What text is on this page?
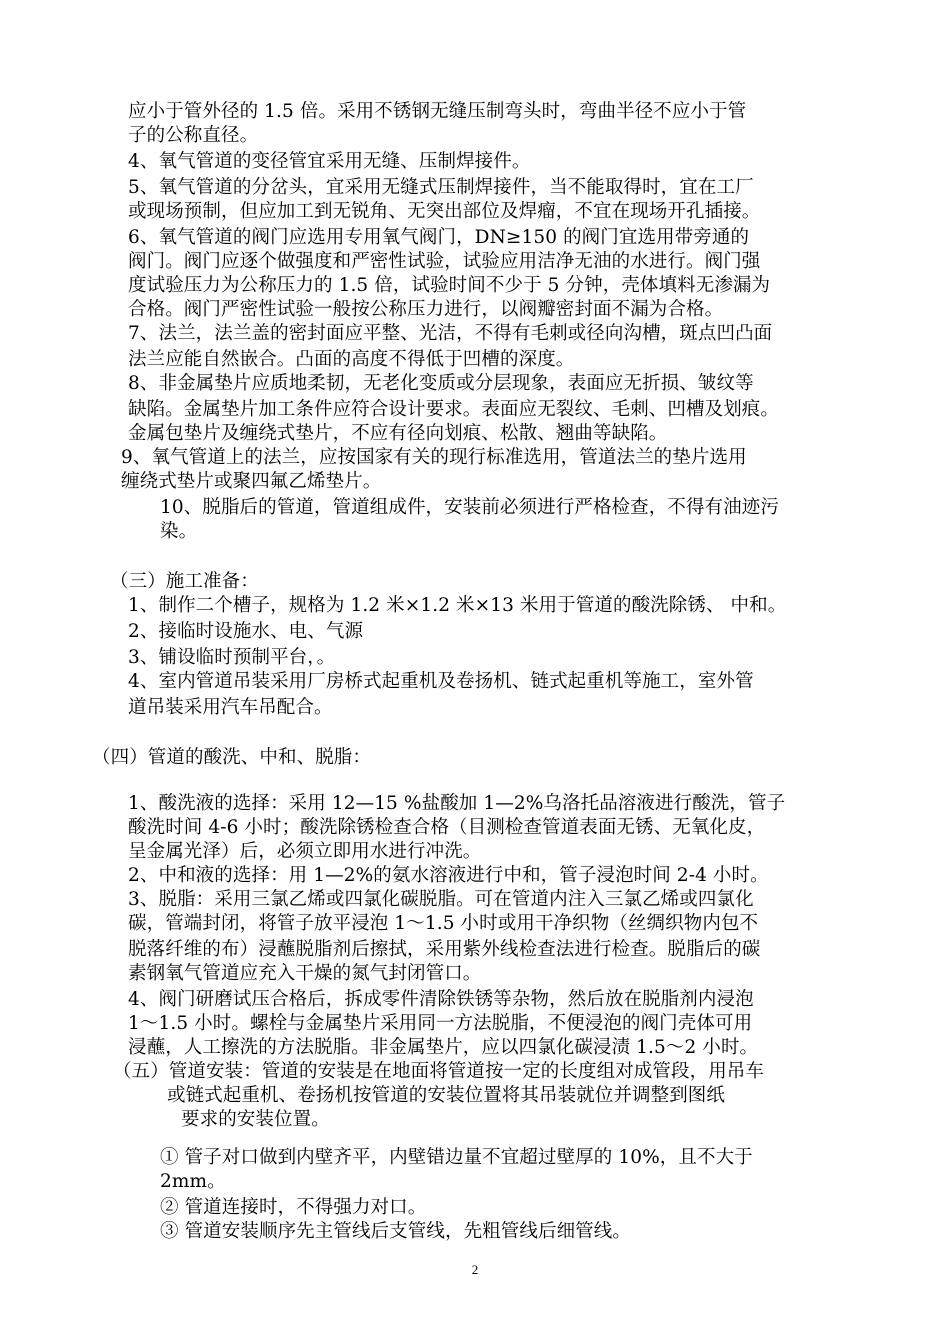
应小于管外径的 1.5 倍。采用不锈钢无缝压制弯头时，弯曲半径不应小于管
子的公称直径。
4、氧气管道的变径管宜采用无缝、压制焊接件。
5、氧气管道的分岔头，宜采用无缝式压制焊接件，当不能取得时，宜在工厂
或现场预制，但应加工到无锐角、无突出部位及焊瘤，不宜在现场开孔插接。
6、氧气管道的阀门应选用专用氧气阀门，DN≥150 的阀门宜选用带旁通的
阀门。阀门应逐个做强度和严密性试验，试验应用洁净无油的水进行。阀门强
度试验压力为公称压力的 1.5 倍，试验时间不少于 5 分钟，壳体填料无渗漏为
合格。阀门严密性试验一般按公称压力进行，以阀瓣密封面不漏为合格。
7、法兰，法兰盖的密封面应平整、光洁，不得有毛刺或径向沟槽，斑点凹凸面
法兰应能自然嵌合。凸面的高度不得低于凹槽的深度。
8、非金属垫片应质地柔韧，无老化变质或分层现象，表面应无折损、皱纹等
缺陷。金属垫片加工条件应符合设计要求。表面应无裂纹、毛刺、凹槽及划痕。
金属包垫片及缠绕式垫片，不应有径向划痕、松散、翘曲等缺陷。
9、氧气管道上的法兰，应按国家有关的现行标准选用，管道法兰的垫片选用
缠绕式垫片或聚四氟乙烯垫片。
10、脱脂后的管道，管道组成件，安装前必须进行严格检查，不得有油迹污
染。
（三）施工准备：
1、制作二个槽子，规格为 1.2 米×1.2 米×13 米用于管道的酸洗除锈、 中和。
2、接临时设施水、电、气源
3、铺设临时预制平台，。
4、室内管道吊装采用厂房桥式起重机及卷扬机、链式起重机等施工，室外管
道吊装采用汽车吊配合。
（四）管道的酸洗、中和、脱脂：
1、酸洗液的选择：采用 12—15 %盐酸加 1—2%乌洛托品溶液进行酸洗，管子
酸洗时间 4-6 小时；酸洗除锈检查合格（目测检查管道表面无锈、无氧化皮，
呈金属光泽）后，必须立即用水进行冲洗。
2、中和液的选择：用 1—2%的氨水溶液进行中和，管子浸泡时间 2-4 小时。
3、脱脂：采用三氯乙烯或四氯化碳脱脂。可在管道内注入三氯乙烯或四氯化
碳，管端封闭，将管子放平浸泡 1～1.5 小时或用干净织物（丝绸织物内包不
脱落纤维的布）浸蘸脱脂剂后擦拭，采用紫外线检查法进行检查。脱脂后的碳
素钢氧气管道应充入干燥的氮气封闭管口。
4、阀门研磨试压合格后，拆成零件清除铁锈等杂物，然后放在脱脂剂内浸泡
1～1.5 小时。螺栓与金属垫片采用同一方法脱脂，不便浸泡的阀门壳体可用
浸蘸，人工擦洗的方法脱脂。非金属垫片，应以四氯化碳浸渍 1.5～2 小时。
（五）管道安装：管道的安装是在地面将管道按一定的长度组对成管段，用吊车
或链式起重机、卷扬机按管道的安装位置将其吊装就位并调整到图纸
要求的安装位置。
① 管子对口做到内壁齐平，内壁错边量不宜超过壁厚的 10%，且不大于
2mm。
② 管道连接时，不得强力对口。
③ 管道安装顺序先主管线后支管线，先粗管线后细管线。
2
